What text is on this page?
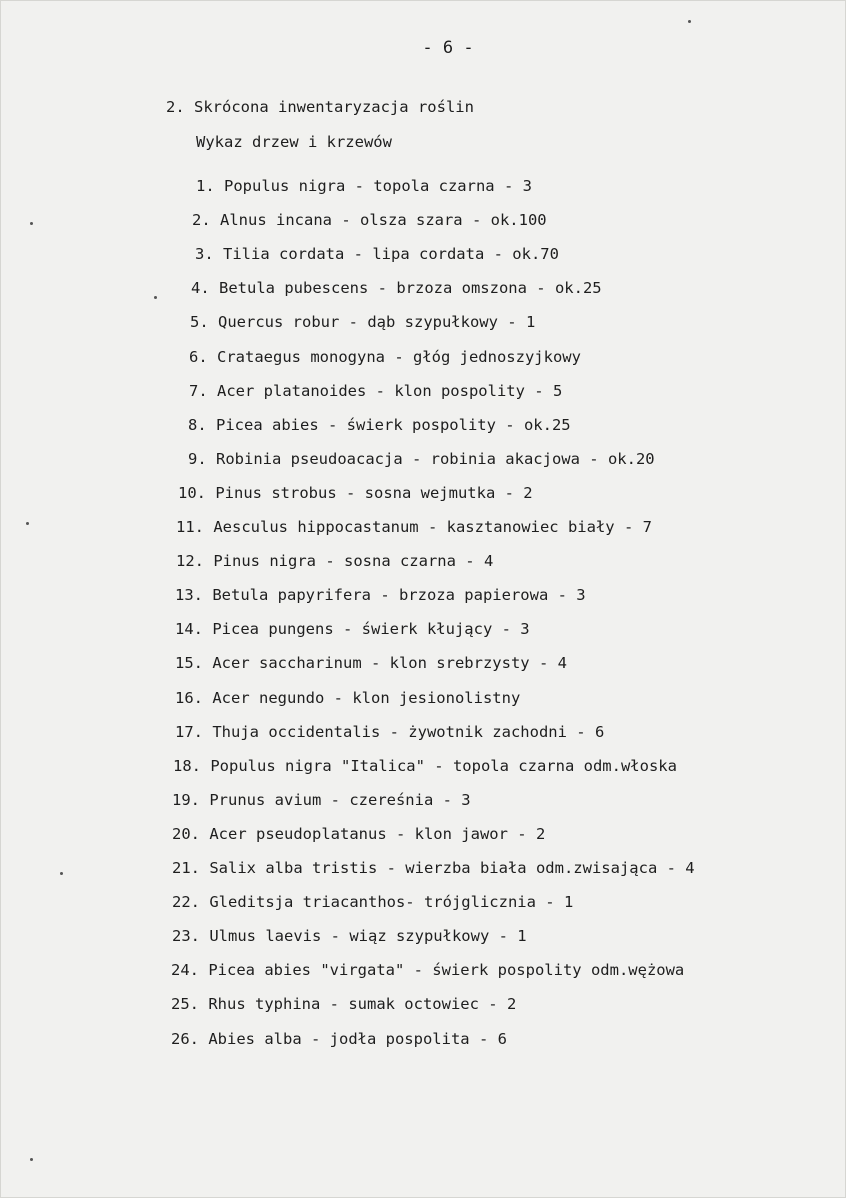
- 6 -
2. Skrócona inwentaryzacja roślin
Wykaz drzew i krzewów
1. Populus nigra - topola czarna - 3
2. Alnus incana - olsza szara - ok.100
3. Tilia cordata - lipa cordata - ok.70
4. Betula pubescens - brzoza omszona - ok.25
5. Quercus robur - dąb szypułkowy - 1
6. Crataegus monogyna - głóg jednoszyjkowy
7. Acer platanoides - klon pospolity - 5
8. Picea abies - świerk pospolity - ok.25
9. Robinia pseudoacacja - robinia akacjowa - ok.20
10. Pinus strobus - sosna wejmutka - 2
11. Aesculus hippocastanum - kasztanowiec biały - 7
12. Pinus nigra - sosna czarna - 4
13. Betula papyrifera - brzoza papierowa - 3
14. Picea pungens - świerk kłujący - 3
15. Acer saccharinum - klon srebrzysty - 4
16. Acer negundo - klon jesionolistny
17. Thuja occidentalis - żywotnik zachodni - 6
18. Populus nigra "Italica" - topola czarna odm.włoska
19. Prunus avium - czereśnia - 3
20. Acer pseudoplatanus - klon jawor - 2
21. Salix alba tristis - wierzba biała odm.zwisająca - 4
22. Gleditsja triacanthos- trójglicznia - 1
23. Ulmus laevis - wiąz szypułkowy - 1
24. Picea abies "virgata" - świerk pospolity odm.wężowa
25. Rhus typhina - sumak octowiec - 2
26. Abies alba - jodła pospolita - 6
